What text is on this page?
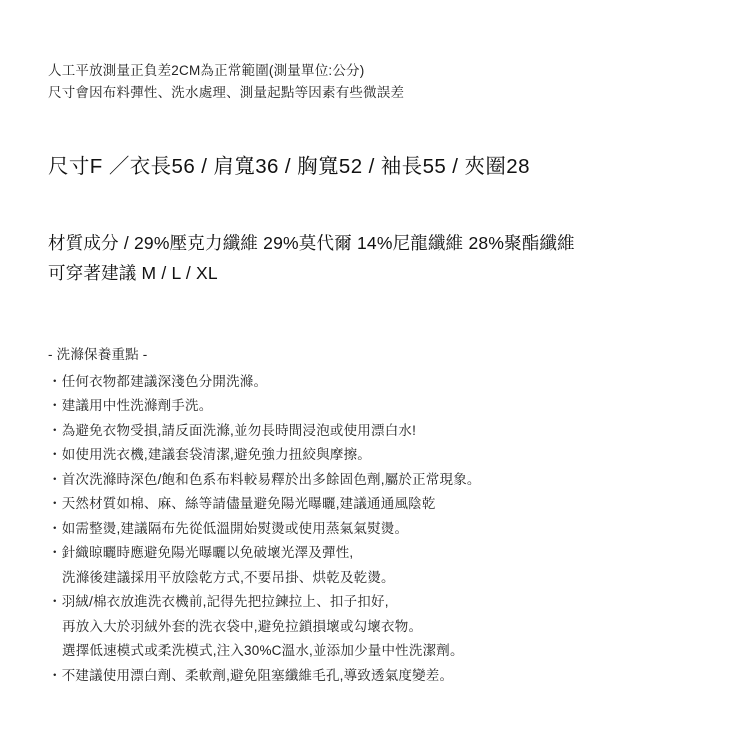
人工平放測量正負差2CM為正常範圍(測量單位:公分)
尺寸會因布料彈性、洗水處理、測量起點等因素有些微誤差
尺寸F ／衣長56 / 肩寬36 / 胸寬52 / 袖長55 / 夾圈28
材質成分 / 29%壓克力纖維 29%莫代爾 14%尼龍纖維 28%聚酯纖維
可穿著建議 M / L / XL
- 洗滌保養重點 -
・任何衣物都建議深淺色分開洗滌。
・建議用中性洗滌劑手洗。
・為避免衣物受損,請反面洗滌,並勿長時間浸泡或使用漂白水!
・如使用洗衣機,建議套袋清潔,避免強力扭絞與摩擦。
・首次洗滌時深色/飽和色系布料較易釋於出多餘固色劑,屬於正常現象。
・天然材質如棉、麻、絲等請儘量避免陽光曝曬,建議通通風陰乾
・如需整燙,建議隔布先從低溫開始熨燙或使用蒸氣氣熨燙。
・針織晾曬時應避免陽光曝曬以免破壞光澤及彈性,
洗滌後建議採用平放陰乾方式,不要吊掛、烘乾及乾燙。
・羽絨/棉衣放進洗衣機前,記得先把拉鍊拉上、扣子扣好,
再放入大於羽絨外套的洗衣袋中,避免拉鎖損壞或勾壞衣物。
選擇低速模式或柔洗模式,注入30%C溫水,並添加少量中性洗潔劑。
・不建議使用漂白劑、柔軟劑,避免阻塞纖維毛孔,導致透氣度變差。
